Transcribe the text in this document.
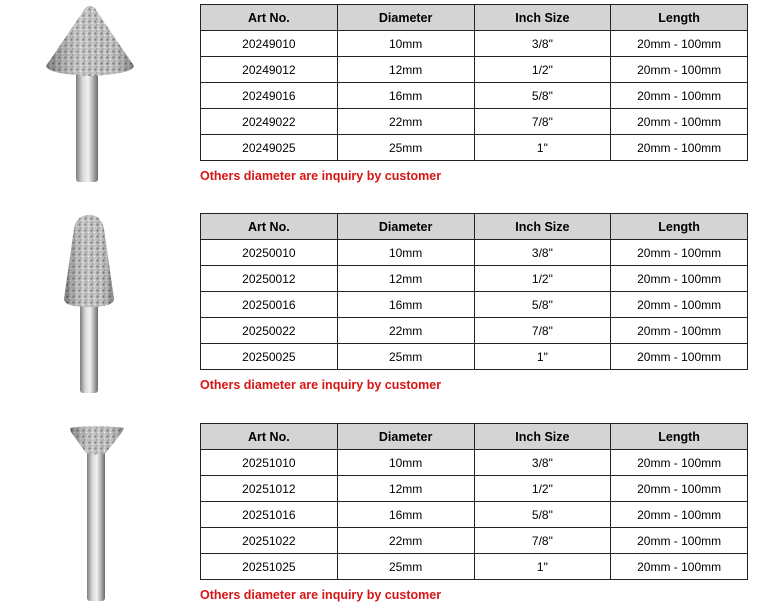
Art No.	Diameter	Inch Size	Length
20249010	10mm	3/8"	20mm - 100mm
20249012	12mm	1/2"	20mm - 100mm
20249016	16mm	5/8"	20mm - 100mm
20249022	22mm	7/8"	20mm - 100mm
20249025	25mm	1"	20mm - 100mm
Others diameter are inquiry by customer
Art No.	Diameter	Inch Size	Length
20250010	10mm	3/8"	20mm - 100mm
20250012	12mm	1/2"	20mm - 100mm
20250016	16mm	5/8"	20mm - 100mm
20250022	22mm	7/8"	20mm - 100mm
20250025	25mm	1"	20mm - 100mm
Others diameter are inquiry by customer
Art No.	Diameter	Inch Size	Length
20251010	10mm	3/8"	20mm - 100mm
20251012	12mm	1/2"	20mm - 100mm
20251016	16mm	5/8"	20mm - 100mm
20251022	22mm	7/8"	20mm - 100mm
20251025	25mm	1"	20mm - 100mm
Others diameter are inquiry by customer
